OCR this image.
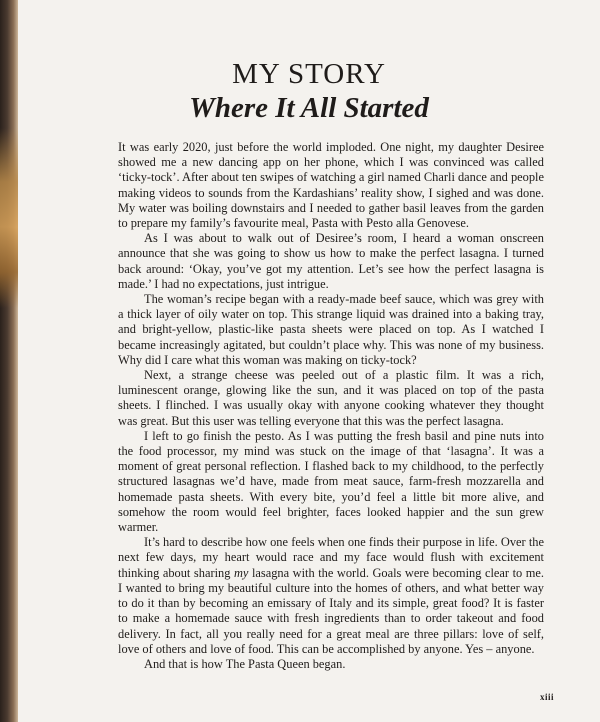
MY STORY
Where It All Started

It was early 2020, just before the world imploded. One night, my daughter Desiree showed me a new dancing app on her phone, which I was convinced was called ‘ticky-tock’. After about ten swipes of watching a girl named Charli dance and people making videos to sounds from the Kardashians’ reality show, I sighed and was done. My water was boiling downstairs and I needed to gather basil leaves from the garden to prepare my family’s favourite meal, Pasta with Pesto alla Genovese.

As I was about to walk out of Desiree’s room, I heard a woman onscreen announce that she was going to show us how to make the perfect lasagna. I turned back around: ‘Okay, you’ve got my attention. Let’s see how the perfect lasagna is made.’ I had no expectations, just intrigue.

The woman’s recipe began with a ready-made beef sauce, which was grey with a thick layer of oily water on top. This strange liquid was drained into a baking tray, and bright-yellow, plastic-like pasta sheets were placed on top. As I watched I became increasingly agitated, but couldn’t place why. This was none of my business. Why did I care what this woman was making on ticky-tock?

Next, a strange cheese was peeled out of a plastic film. It was a rich, luminescent orange, glowing like the sun, and it was placed on top of the pasta sheets. I flinched. I was usually okay with anyone cooking whatever they thought was great. But this user was telling everyone that this was the perfect lasagna.

I left to go finish the pesto. As I was putting the fresh basil and pine nuts into the food processor, my mind was stuck on the image of that ‘lasagna’. It was a moment of great personal reflection. I flashed back to my childhood, to the perfectly structured lasagnas we’d have, made from meat sauce, farm-fresh mozzarella and homemade pasta sheets. With every bite, you’d feel a little bit more alive, and somehow the room would feel brighter, faces looked happier and the sun grew warmer.

It’s hard to describe how one feels when one finds their purpose in life. Over the next few days, my heart would race and my face would flush with excitement thinking about sharing my lasagna with the world. Goals were becoming clear to me. I wanted to bring my beautiful culture into the homes of others, and what better way to do it than by becoming an emissary of Italy and its simple, great food? It is faster to make a homemade sauce with fresh ingredients than to order takeout and food delivery. In fact, all you really need for a great meal are three pillars: love of self, love of others and love of food. This can be accomplished by anyone. Yes – anyone.

And that is how The Pasta Queen began.

xiii
